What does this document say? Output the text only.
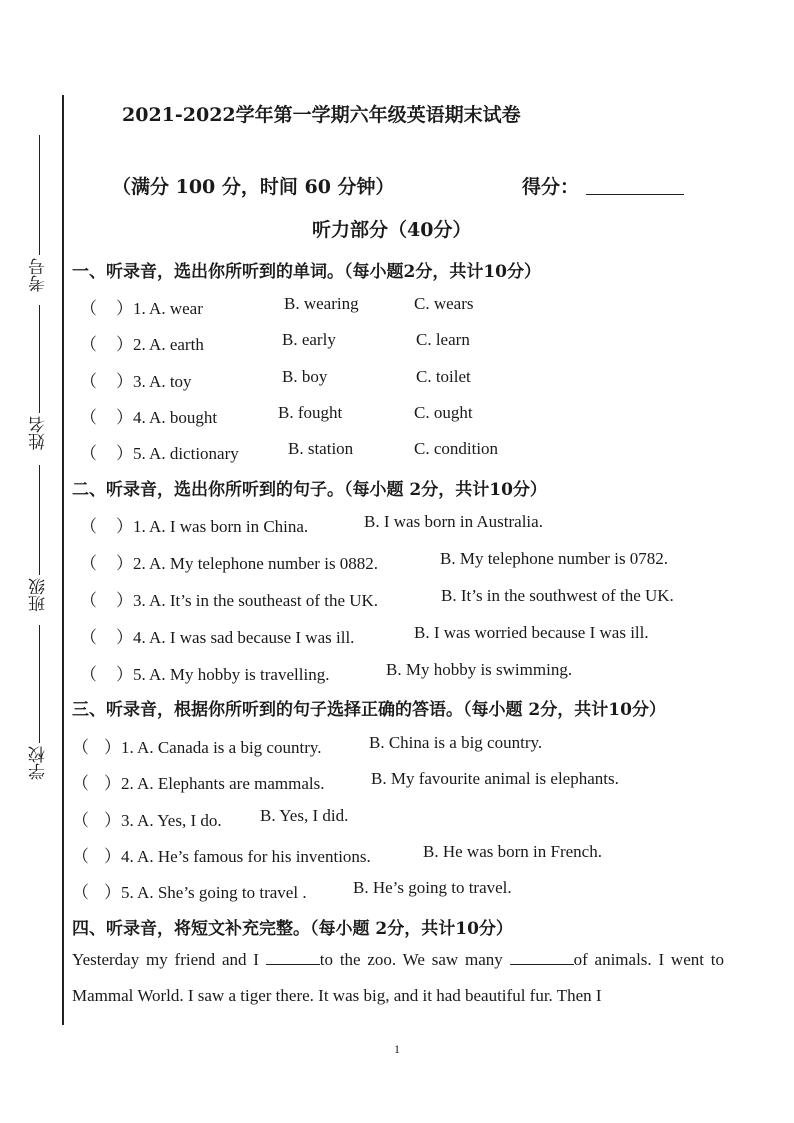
考号
姓名
班级
学校
2021-2022学年第一学期六年级英语期末试卷
（满分 100 分，时间 60 分钟）	得分：
听力部分（40分）
一、听录音，选出你所听到的单词。（每小题2分，共计10分）
（ ）1. A. wear	B. wearing	C. wears
（ ）2. A. earth	B. early	C. learn
（ ）3. A. toy	B. boy	C. toilet
（ ）4. A. bought	B. fought	C. ought
（ ）5. A. dictionary	B. station	C. condition
二、听录音，选出你所听到的句子。（每小题 2分，共计10分）
（ ）1. A. I was born in China.	B. I was born in Australia.
（ ）2. A. My telephone number is 0882.	B. My telephone number is 0782.
（ ）3. A. It’s in the southeast of the UK.	B. It’s in the southwest of the UK.
（ ）4. A. I was sad because I was ill.	B. I was worried because I was ill.
（ ）5. A. My hobby is travelling.	B. My hobby is swimming.
三、听录音，根据你所听到的句子选择正确的答语。（每小题 2分，共计10分）
（ ）1. A. Canada is a big country.	B. China is a big country.
（ ）2. A. Elephants are mammals.	B. My favourite animal is elephants.
（ ）3. A. Yes, I do. B. Yes, I did.
（ ）4. A. He’s famous for his inventions.	B. He was born in French.
（ ）5. A. She’s going to travel .	B. He’s going to travel.
四、听录音，将短文补充完整。（每小题 2分，共计10分）
Yesterday my friend and I	to the zoo. We saw many	of animals. I went to Mammal World. I saw a tiger there. It was big, and it had beautiful fur. Then I
1
